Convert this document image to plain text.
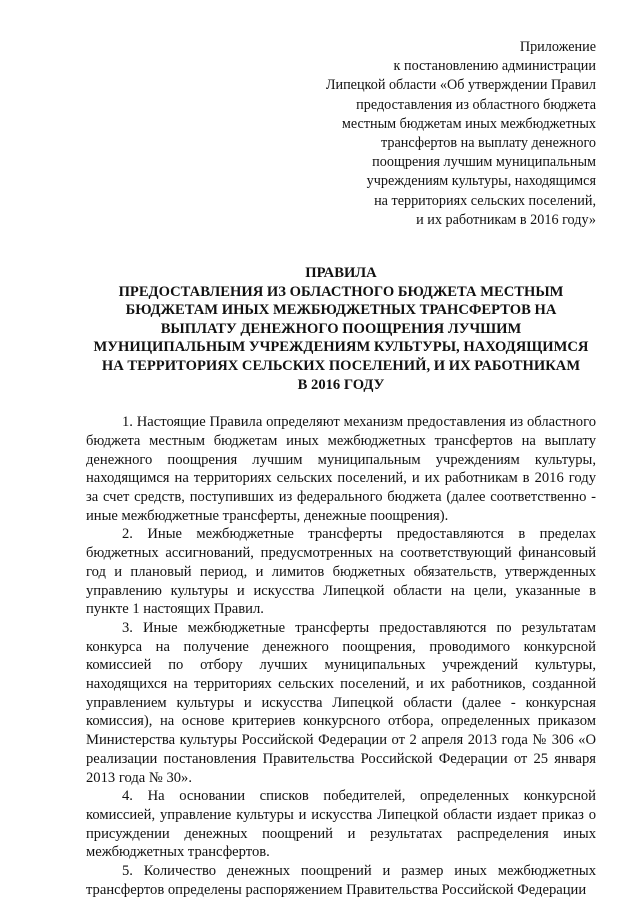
Приложение
к постановлению администрации
Липецкой области «Об утверждении Правил
предоставления из областного бюджета
местным бюджетам иных межбюджетных
трансфертов на выплату денежного
поощрения лучшим муниципальным
учреждениям культуры, находящимся
на территориях сельских поселений,
и их работникам в 2016 году»
ПРАВИЛА
ПРЕДОСТАВЛЕНИЯ ИЗ ОБЛАСТНОГО БЮДЖЕТА МЕСТНЫМ
БЮДЖЕТАМ ИНЫХ МЕЖБЮДЖЕТНЫХ ТРАНСФЕРТОВ НА
ВЫПЛАТУ ДЕНЕЖНОГО ПООЩРЕНИЯ ЛУЧШИМ
МУНИЦИПАЛЬНЫМ УЧРЕЖДЕНИЯМ КУЛЬТУРЫ, НАХОДЯЩИМСЯ
НА ТЕРРИТОРИЯХ СЕЛЬСКИХ ПОСЕЛЕНИЙ, И ИХ РАБОТНИКАМ
В 2016 ГОДУ

1. Настоящие Правила определяют механизм предоставления из областного бюджета местным бюджетам иных межбюджетных трансфертов на выплату денежного поощрения лучшим муниципальным учреждениям культуры, находящимся на территориях сельских поселений, и их работникам в 2016 году за счет средств, поступивших из федерального бюджета (далее соответственно - иные межбюджетные трансферты, денежные поощрения).

2. Иные межбюджетные трансферты предоставляются в пределах бюджетных ассигнований, предусмотренных на соответствующий финансовый год и плановый период, и лимитов бюджетных обязательств, утвержденных управлению культуры и искусства Липецкой области на цели, указанные в пункте 1 настоящих Правил.

3. Иные межбюджетные трансферты предоставляются по результатам конкурса на получение денежного поощрения, проводимого конкурсной комиссией по отбору лучших муниципальных учреждений культуры, находящихся на территориях сельских поселений, и их работников, созданной управлением культуры и искусства Липецкой области (далее - конкурсная комиссия), на основе критериев конкурсного отбора, определенных приказом Министерства культуры Российской Федерации от 2 апреля 2013 года № 306 «О реализации постановления Правительства Российской Федерации от 25 января 2013 года № 30».

4. На основании списков победителей, определенных конкурсной комиссией, управление культуры и искусства Липецкой области издает приказ о присуждении денежных поощрений и результатах распределения иных межбюджетных трансфертов.

5. Количество денежных поощрений и размер иных межбюджетных трансфертов определены распоряжением Правительства Российской Федерации
